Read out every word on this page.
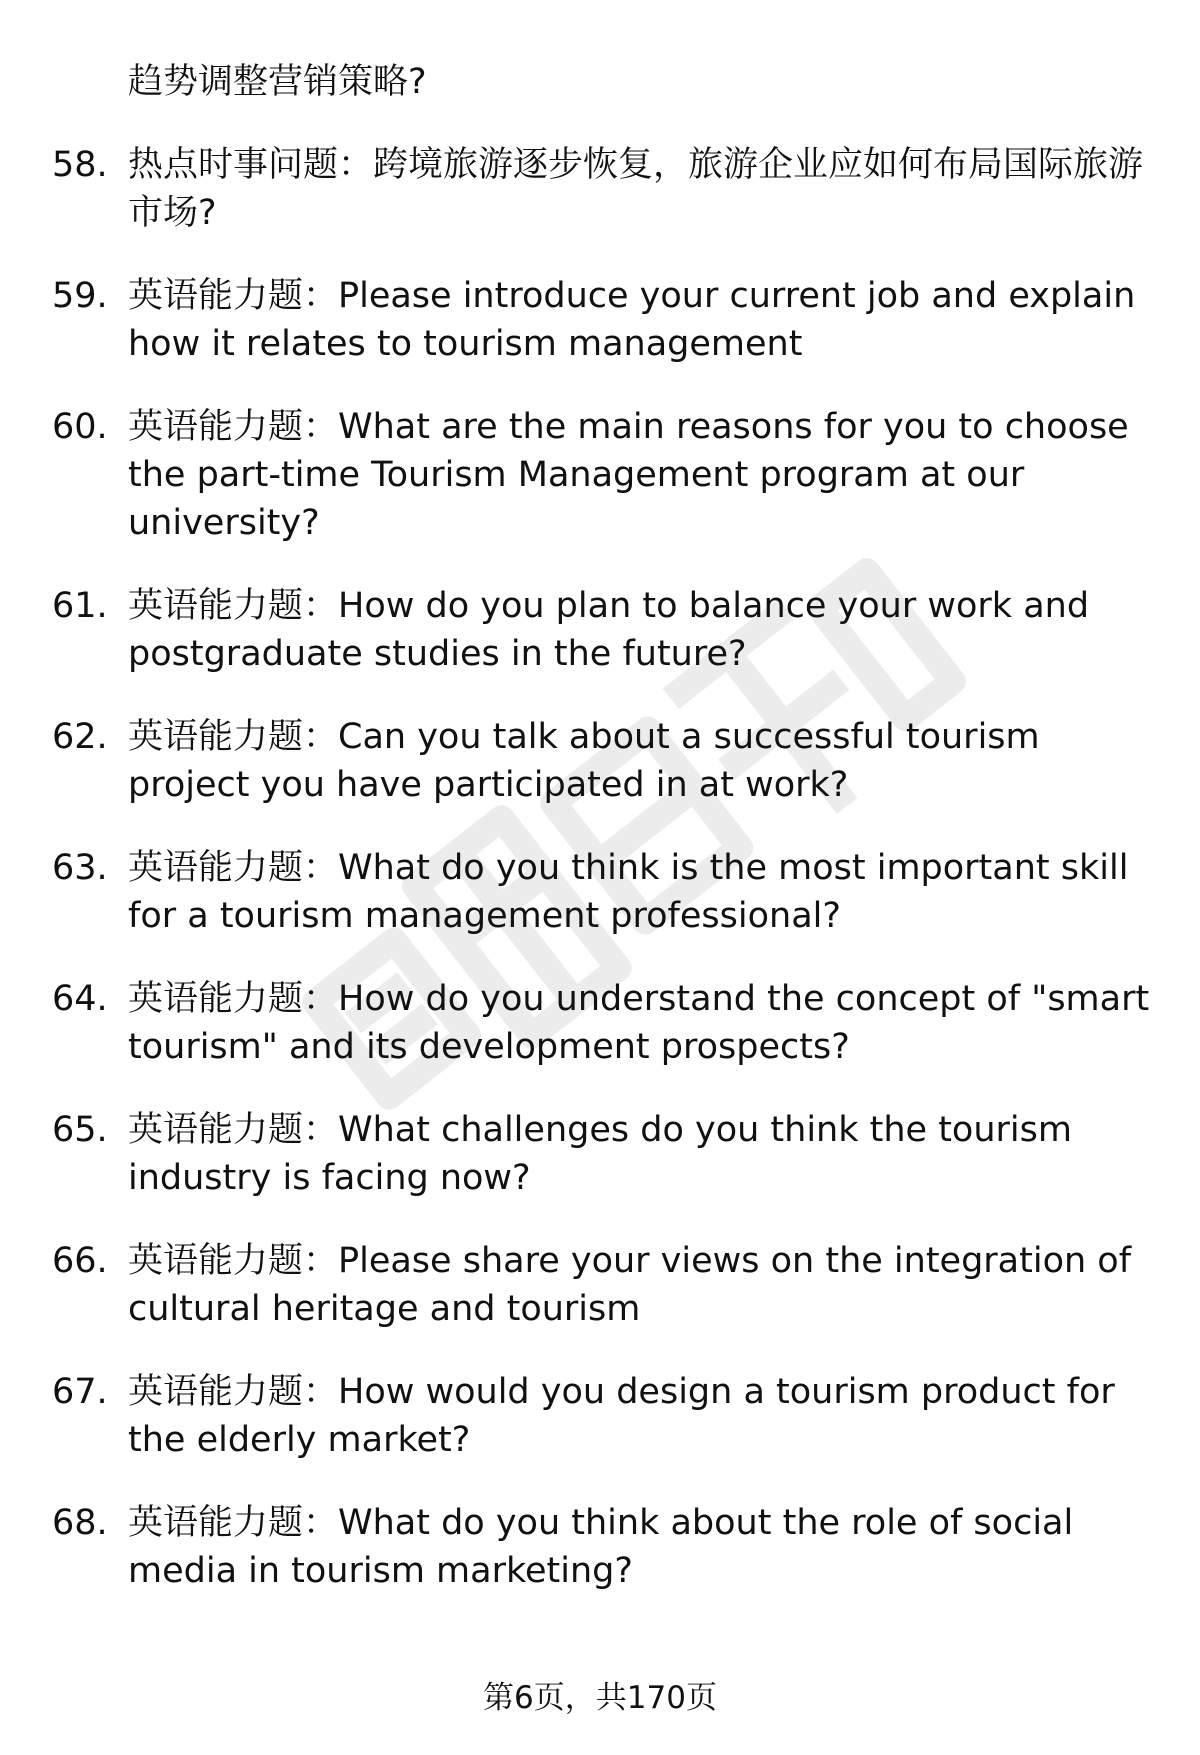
趋势调整营销策略?
58. 热点时事问题：跨境旅游逐步恢复，旅游企业应如何布局国际旅游市场?
59. 英语能力题：Please introduce your current job and explain how it relates to tourism management
60. 英语能力题：What are the main reasons for you to choose the part-time Tourism Management program at our university?
61. 英语能力题：How do you plan to balance your work and postgraduate studies in the future?
62. 英语能力题：Can you talk about a successful tourism project you have participated in at work?
63. 英语能力题：What do you think is the most important skill for a tourism management professional?
64. 英语能力题：How do you understand the concept of "smart tourism" and its development prospects?
65. 英语能力题：What challenges do you think the tourism industry is facing now?
66. 英语能力题：Please share your views on the integration of cultural heritage and tourism
67. 英语能力题：How would you design a tourism product for the elderly market?
68. 英语能力题：What do you think about the role of social media in tourism marketing?
第6页，共170页
